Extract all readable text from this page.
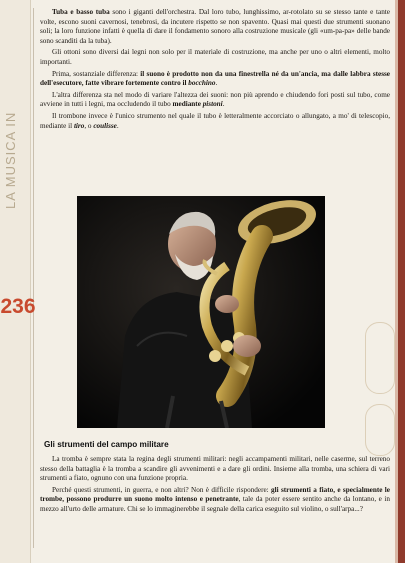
LA MUSICA IN
236

Tuba e basso tuba sono i giganti dell'orchestra. Dal loro tubo, lunghissimo, ar-rotolato su se stesso tante e tante volte, escono suoni cavernosi, tenebrosi, da incutere rispetto se non spavento. Quasi mai questi due strumenti suonano soli; la loro funzione infatti è quella di dare il fondamento sonoro alla costruzione musicale (gli «um-pa-pa» delle bande sono scanditi da la tuba).

Gli ottoni sono diversi dai legni non solo per il materiale di costruzione, ma anche per uno o altri elementi, molto importanti.

Prima, sostanziale differenza: il suono è prodotto non da una finestrella né da un'ancia, ma dalle labbra stesse dell'esecutore, fatte vibrare fortemente contro il bocchino.

L'altra differenza sta nel modo di variare l'altezza dei suoni: non più aprendo e chiudendo fori posti sul tubo, come avviene in tutti i legni, ma occludendo il tubo mediante pistoni.

Il trombone invece è l'unico strumento nel quale il tubo è letteralmente accorciato o allungato, a mo' di telescopio, mediante il tiro, o coulisse.

Gli strumenti del campo militare

La tromba è sempre stata la regina degli strumenti militari: negli accampamenti militari, nelle caserme, sul terreno stesso della battaglia è la tromba a scandire gli avvenimenti e a dare gli ordini. Insieme alla tromba, una schiera di vari strumenti a fiato, ognuno con una funzione propria.

Perché questi strumenti, in guerra, e non altri? Non è difficile rispondere: gli strumenti a fiato, e specialmente le trombe, possono produrre un suono molto intenso e penetrante, tale da poter essere sentito anche da lontano, e in mezzo all'urto delle armature. Chi se lo immaginerebbe il segnale della carica eseguito sul violino, o sull'arpa...?
